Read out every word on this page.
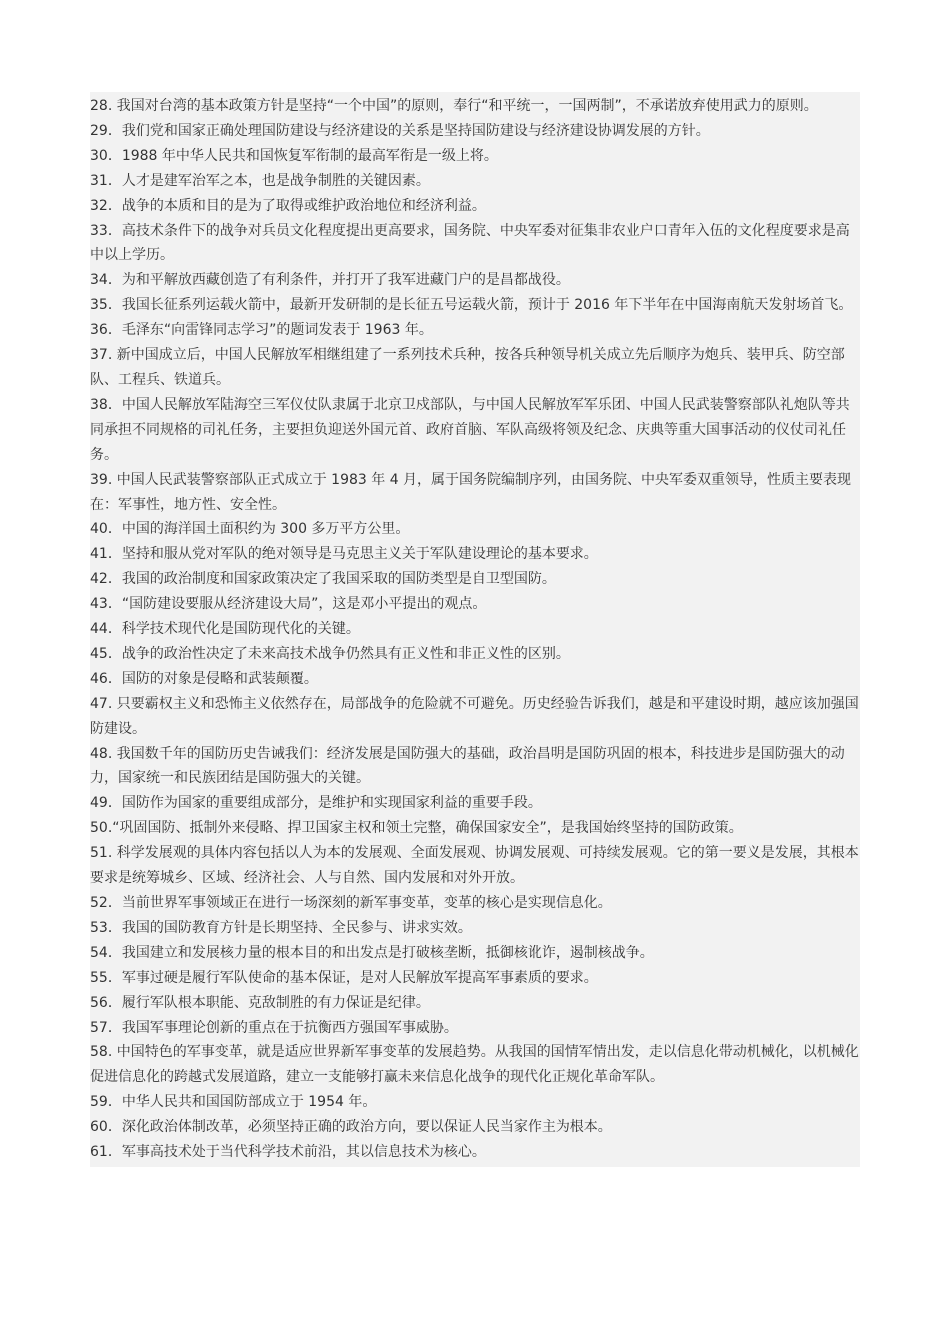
28. 我国对台湾的基本政策方针是坚持“一个中国”的原则，奉行“和平统一，一国两制”，不承诺放弃使用武力的原则。

29．我们党和国家正确处理国防建设与经济建设的关系是坚持国防建设与经济建设协调发展的方针。

30．1988 年中华人民共和国恢复军衔制的最高军衔是一级上将。

31．人才是建军治军之本，也是战争制胜的关键因素。

32．战争的本质和目的是为了取得或维护政治地位和经济利益。

33．高技术条件下的战争对兵员文化程度提出更高要求，国务院、中央军委对征集非农业户口青年入伍的文化程度要求是高中以上学历。

34．为和平解放西藏创造了有利条件，并打开了我军进藏门户的是昌都战役。

35．我国长征系列运载火箭中，最新开发研制的是长征五号运载火箭，预计于 2016 年下半年在中国海南航天发射场首飞。

36．毛泽东“向雷锋同志学习”的题词发表于 1963 年。

37. 新中国成立后，中国人民解放军相继组建了一系列技术兵种，按各兵种领导机关成立先后顺序为炮兵、装甲兵、防空部队、工程兵、铁道兵。

38．中国人民解放军陆海空三军仪仗队隶属于北京卫戍部队，与中国人民解放军军乐团、中国人民武装警察部队礼炮队等共同承担不同规格的司礼任务，主要担负迎送外国元首、政府首脑、军队高级将领及纪念、庆典等重大国事活动的仪仗司礼任务。

39. 中国人民武装警察部队正式成立于 1983 年 4 月，属于国务院编制序列，由国务院、中央军委双重领导，性质主要表现在：军事性，地方性、安全性。

40．中国的海洋国土面积约为 300 多万平方公里。

41．坚持和服从党对军队的绝对领导是马克思主义关于军队建设理论的基本要求。

42．我国的政治制度和国家政策决定了我国采取的国防类型是自卫型国防。

43．“国防建设要服从经济建设大局”，这是邓小平提出的观点。

44．科学技术现代化是国防现代化的关键。

45．战争的政治性决定了未来高技术战争仍然具有正义性和非正义性的区别。

46．国防的对象是侵略和武装颠覆。

47. 只要霸权主义和恐怖主义依然存在，局部战争的危险就不可避免。历史经验告诉我们，越是和平建设时期，越应该加强国防建设。

48. 我国数千年的国防历史告诫我们：经济发展是国防强大的基础，政治昌明是国防巩固的根本，科技进步是国防强大的动力，国家统一和民族团结是国防强大的关键。

49．国防作为国家的重要组成部分，是维护和实现国家利益的重要手段。

50.“巩固国防、抵制外来侵略、捍卫国家主权和领土完整，确保国家安全”，是我国始终坚持的国防政策。

51. 科学发展观的具体内容包括以人为本的发展观、全面发展观、协调发展观、可持续发展观。它的第一要义是发展，其根本要求是统筹城乡、区域、经济社会、人与自然、国内发展和对外开放。

52．当前世界军事领域正在进行一场深刻的新军事变革，变革的核心是实现信息化。

53．我国的国防教育方针是长期坚持、全民参与、讲求实效。

54．我国建立和发展核力量的根本目的和出发点是打破核垄断，抵御核讹诈，遏制核战争。

55．军事过硬是履行军队使命的基本保证，是对人民解放军提高军事素质的要求。

56．履行军队根本职能、克敌制胜的有力保证是纪律。

57．我国军事理论创新的重点在于抗衡西方强国军事威胁。

58. 中国特色的军事变革，就是适应世界新军事变革的发展趋势。从我国的国情军情出发，走以信息化带动机械化，以机械化促进信息化的跨越式发展道路，建立一支能够打赢未来信息化战争的现代化正规化革命军队。

59．中华人民共和国国防部成立于 1954 年。

60．深化政治体制改革，必须坚持正确的政治方向，要以保证人民当家作主为根本。

61．军事高技术处于当代科学技术前沿，其以信息技术为核心。
